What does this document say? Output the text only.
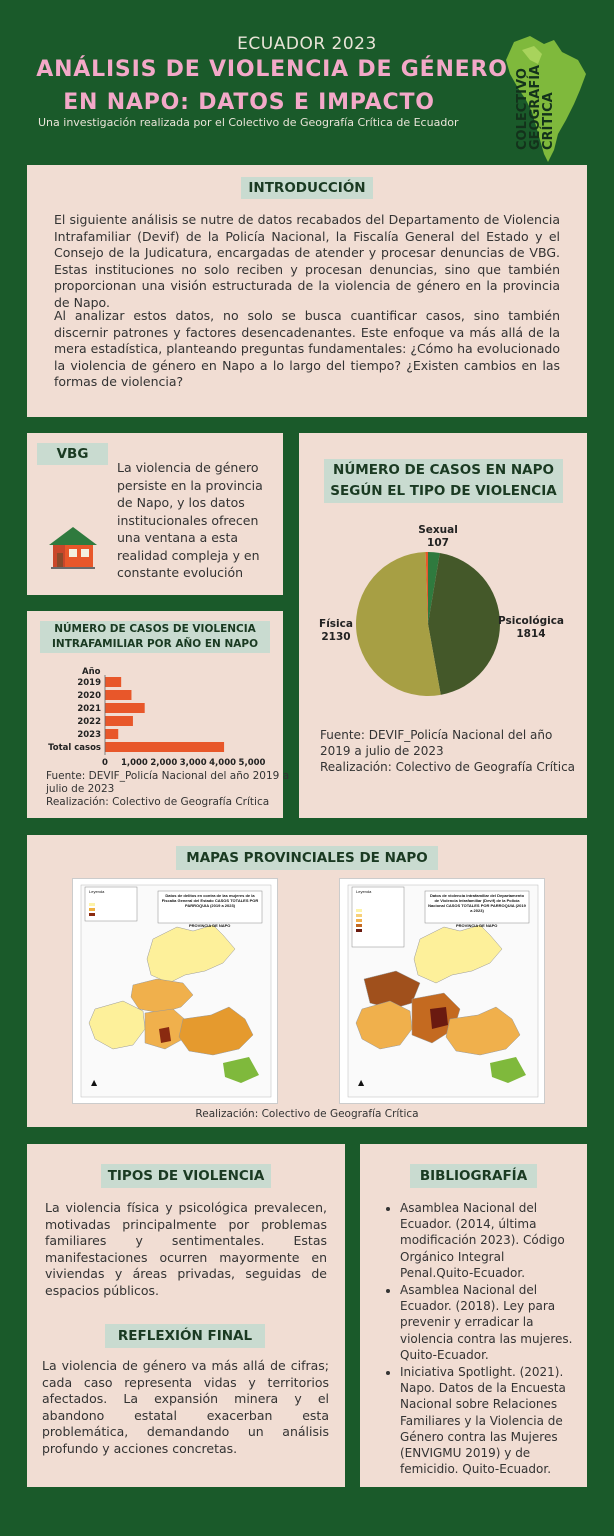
ECUADOR 2023
ANÁLISIS DE VIOLENCIA DE GÉNERO
EN NAPO: DATOS E IMPACTO
Una investigación realizada por el Colectivo de Geografía Crítica de Ecuador	COLECTIVO GEOGRAFÍA CRÍTICA
INTRODUCCIÓN
El siguiente análisis se nutre de datos recabados del Departamento de Violencia Intrafamiliar (Devif) de la Policía Nacional, la Fiscalía General del Estado y el Consejo de la Judicatura, encargadas de atender y procesar denuncias de VBG. Estas instituciones no solo reciben y procesan denuncias, sino que también proporcionan una visión estructurada de la violencia de género en la provincia de Napo.
Al analizar estos datos, no solo se busca cuantificar casos, sino también discernir patrones y factores desencadenantes. Este enfoque va más allá de la mera estadística, planteando preguntas fundamentales: ¿Cómo ha evolucionado la violencia de género en Napo a lo largo del tiempo? ¿Existen cambios en las formas de violencia?
VBG
La violencia de género persiste en la provincia de Napo, y los datos institucionales ofrecen una ventana a esta realidad compleja y en constante evolución
NÚMERO DE CASOS DE VIOLENCIA
INTRAFAMILIAR POR AÑO EN NAPO
Año
2019
2020
2021
2022
2023
Total casos
0 1,000 2,000 3,000 4,000 5,000
Fuente: DEVIF_Policía Nacional del año 2019 a
julio de 2023
Realización: Colectivo de Geografía Crítica
NÚMERO DE CASOS EN NAPO
SEGÚN EL TIPO DE VIOLENCIA
Sexual
107
Psicológica
1814
Física
2130
Fuente: DEVIF_Policía Nacional del año
2019 a julio de 2023
Realización: Colectivo de Geografía Crítica
MAPAS PROVINCIALES DE NAPO
▲
Leyenda
Datos de delitos en contra de las mujeres de la Fiscalía General del Estado CASOS TOTALES POR PARROQUIA (2019 a 2023)
PROVINCIA DE NAPO
▲
Leyenda
Datos de violencia intrafamiliar del Departamento de Violencia Intrafamiliar (Devif) de la Policía Nacional CASOS TOTALES POR PARROQUIA (2019 a 2023)
PROVINCIA DE NAPO
Realización: Colectivo de Geografía Crítica
TIPOS DE VIOLENCIA
La violencia física y psicológica prevalecen, motivadas principalmente por problemas familiares y sentimentales. Estas manifestaciones ocurren mayormente en viviendas y áreas privadas, seguidas de espacios públicos.
REFLEXIÓN FINAL
La violencia de género va más allá de cifras; cada caso representa vidas y territorios afectados. La expansión minera y el abandono estatal exacerban esta problemática, demandando un análisis profundo y acciones concretas.
BIBLIOGRAFÍA
• Asamblea Nacional del Ecuador. (2014, última modificación 2023). Código Orgánico Integral Penal.Quito-Ecuador.
• Asamblea Nacional del Ecuador. (2018). Ley para prevenir y erradicar la violencia contra las mujeres. Quito-Ecuador.
• Iniciativa Spotlight. (2021). Napo. Datos de la Encuesta Nacional sobre Relaciones Familiares y la Violencia de Género contra las Mujeres (ENVIGMU 2019) y de femicidio. Quito-Ecuador.
